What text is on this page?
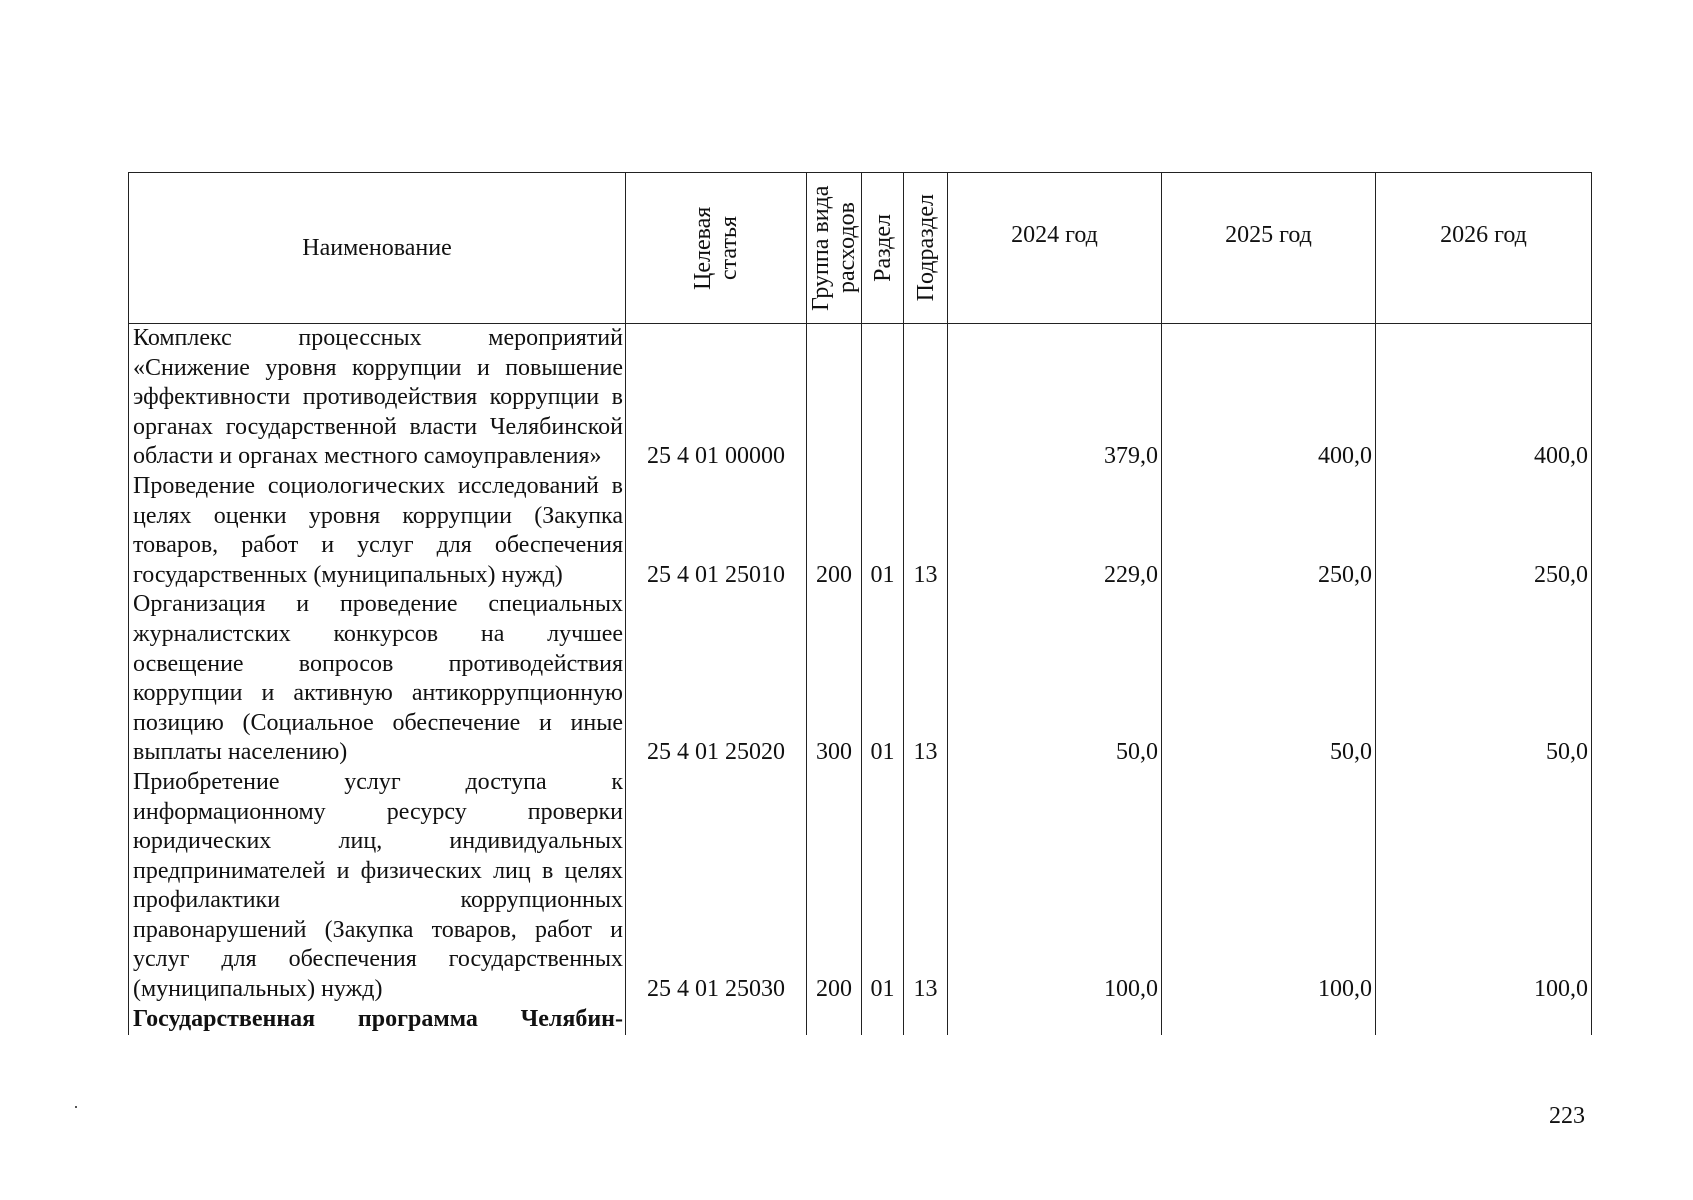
Наименование	Целевая статья	Группа вида расходов	Раздел	Подраздел	2024 год	2025 год	2026 год

Комплекс процессных мероприятий «Снижение уровня коррупции и повышение эффективности противодействия коррупции в органах государственной власти Челябинской области и органах местного самоуправления»	25 4 01 00000				379,0	400,0	400,0
Проведение социологических исследований в целях оценки уровня коррупции (Закупка товаров, работ и услуг для обеспечения государственных (муниципальных) нужд)	25 4 01 25010	200	01	13	229,0	250,0	250,0
Организация и проведение специальных журналистских конкурсов на лучшее освещение вопросов противодействия коррупции и активную антикоррупционную позицию (Социальное обеспечение и иные выплаты населению)	25 4 01 25020	300	01	13	50,0	50,0	50,0
Приобретение услуг доступа к информационному ресурсу проверки юридических лиц, индивидуальных предпринимателей и физических лиц в целях профилактики коррупционных правонарушений (Закупка товаров, работ и услуг для обеспечения государственных (муниципальных) нужд)	25 4 01 25030	200	01	13	100,0	100,0	100,0
Государственная программа Челябин-							
223
